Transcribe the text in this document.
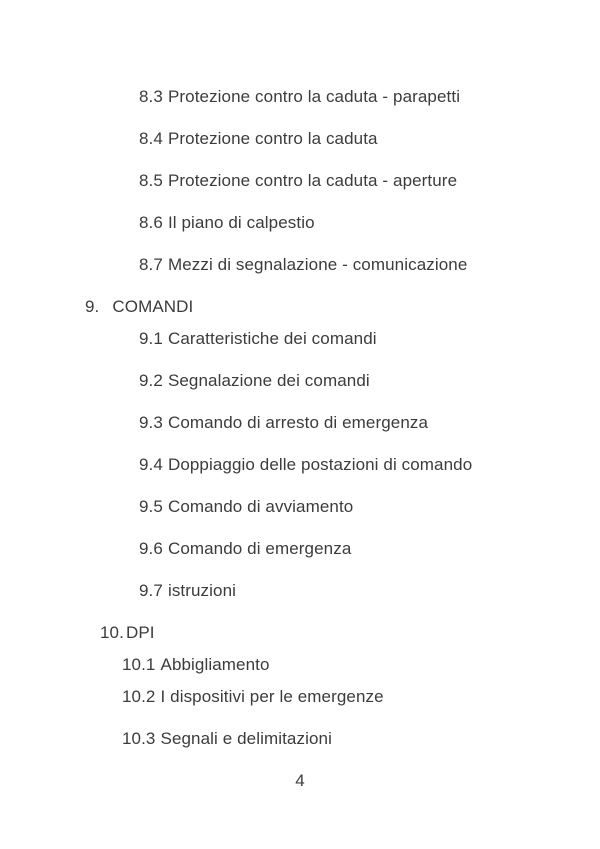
8.3 Protezione contro la caduta - parapetti
8.4 Protezione contro la caduta
8.5 Protezione contro la caduta - aperture
8.6 Il piano di calpestio
8.7 Mezzi di segnalazione - comunicazione
9. COMANDI
9.1 Caratteristiche dei comandi
9.2 Segnalazione dei comandi
9.3 Comando di arresto di emergenza
9.4 Doppiaggio delle postazioni di comando
9.5 Comando di avviamento
9.6 Comando di emergenza
9.7 istruzioni
10. DPI
10.1 Abbigliamento
10.2 I dispositivi per le emergenze
10.3 Segnali e delimitazioni
4
